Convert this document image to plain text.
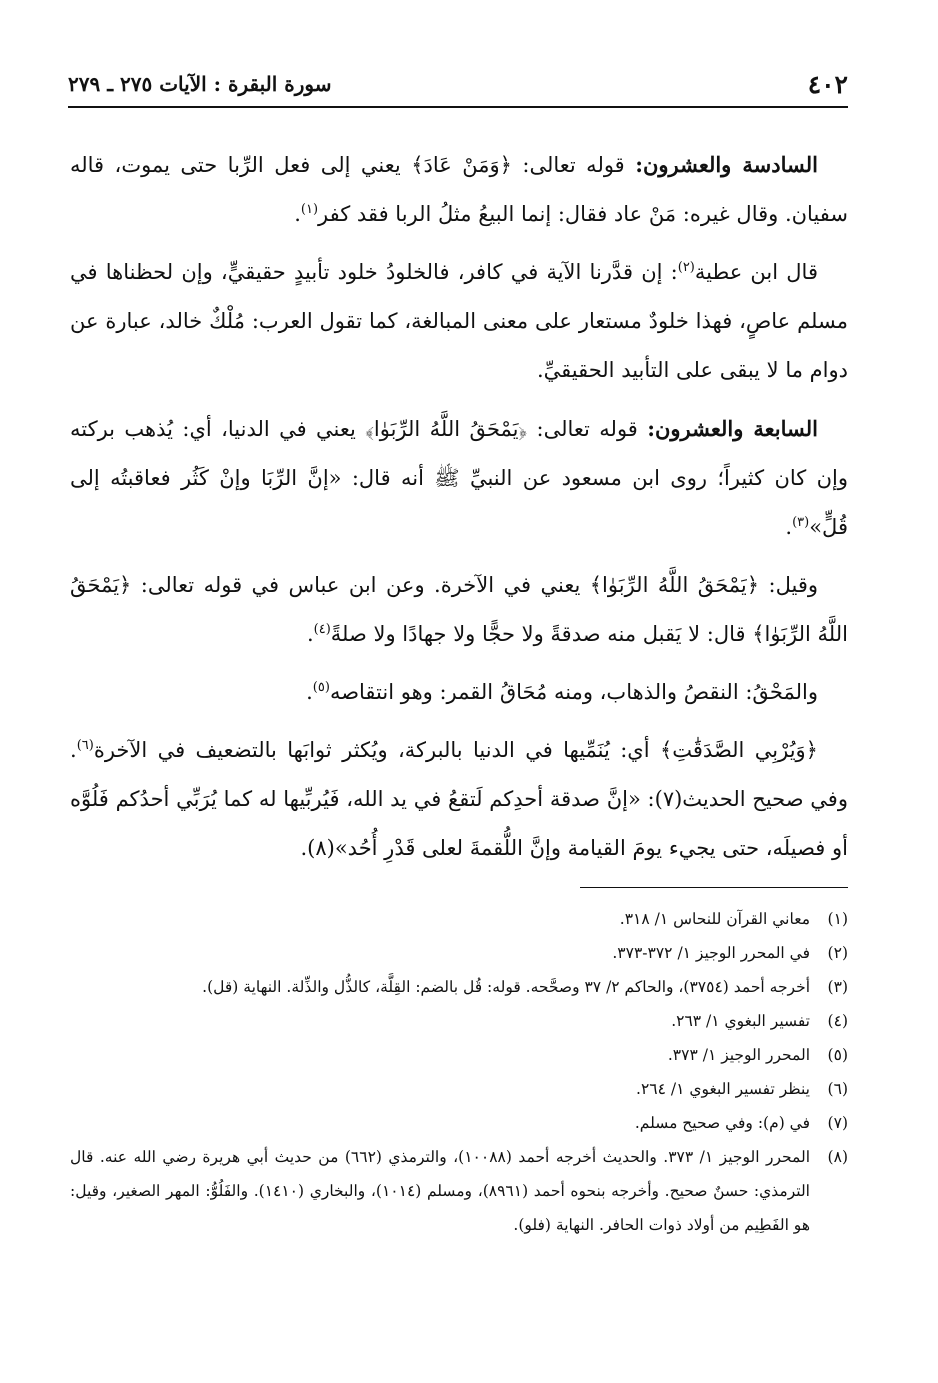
٤٠٢
سورة البقرة : الآيات ٢٧٥ ـ ٢٧٩

السادسة والعشرون: قوله تعالى: ﴿وَمَنْ عَادَ﴾ يعني إلى فعل الرِّبا حتى يموت، قاله سفيان. وقال غيره: مَنْ عاد فقال: إنما البيعُ مثلُ الربا فقد كفر$^{(١)}$.

قال ابن عطية$^{(٢)}$: إن قدَّرنا الآية في كافر، فالخلودُ خلود تأبيدٍ حقيقيٍّ، وإن لحظناها في مسلم عاصٍ، فهذا خلودٌ مستعار على معنى المبالغة، كما تقول العرب: مُلْكٌ خالد، عبارة عن دوام ما لا يبقى على التأبيد الحقيقيِّ.

السابعة والعشرون: قوله تعالى: ﴿يَمْحَقُ اللَّهُ الرِّبَوٰا﴾ يعني في الدنيا، أي: يُذهب بركته وإن كان كثيراً؛ روى ابن مسعود عن النبيِّ ﷺ أنه قال: «إنَّ الرِّبَا وإنْ كَثُر فعاقبتُه إلى قُلٍّ»$^{(٣)}$.

وقيل: ﴿يَمْحَقُ اللَّهُ الرِّبَوٰا﴾ يعني في الآخرة. وعن ابن عباس في قوله تعالى: ﴿يَمْحَقُ اللَّهُ الرِّبَوٰا﴾ قال: لا يَقبل منه صدقةً ولا حجًّا ولا جهادًا ولا صلةً$^{(٤)}$.

والمَحْقُ: النقصُ والذهاب، ومنه مُحَاقُ القمر: وهو انتقاصه$^{(٥)}$.

﴿وَيُرْبِي الصَّدَقَٰتِ﴾ أي: يُنَمِّيها في الدنيا بالبركة، ويُكثر ثوابَها بالتضعيف في الآخرة$^{(٦)}$. وفي صحيح الحديث(٧): «إنَّ صدقة أحدِكم لَتقعُ في يد الله، فَيُربِّيها له كما يُرَبِّي أحدُكم فَلُوَّه أو فصيلَه، حتى يجيء يومَ القيامة وإنَّ اللُّقمةَ لعلى قَدْرِ أُحُد»(٨).

(١)
معاني القرآن للنحاس ١/ ٣١٨.
(٢)
في المحرر الوجيز ١/ ٣٧٢-٣٧٣.
(٣)
أخرجه أحمد (٣٧٥٤)، والحاكم ٢/ ٣٧ وصحَّحه. قوله: قُل بالضم: القِلَّة، كالذُّل والذِّلة. النهاية (قل).
(٤)
تفسير البغوي ١/ ٢٦٣.
(٥)
المحرر الوجيز ١/ ٣٧٣.
(٦)
ينظر تفسير البغوي ١/ ٢٦٤.
(٧)
في (م): وفي صحيح مسلم.
(٨)
المحرر الوجيز ١/ ٣٧٣. والحديث أخرجه أحمد (١٠٠٨٨)، والترمذي (٦٦٢) من حديث أبي هريرة رضي الله عنه. قال الترمذي: حسنٌ صحيح. وأخرجه بنحوه أحمد (٨٩٦١)، ومسلم (١٠١٤)، والبخاري (١٤١٠). والفَلُوُّ: المهر الصغير، وقيل: هو الفَطِيم من أولاد ذوات الحافر. النهاية (فلو).
